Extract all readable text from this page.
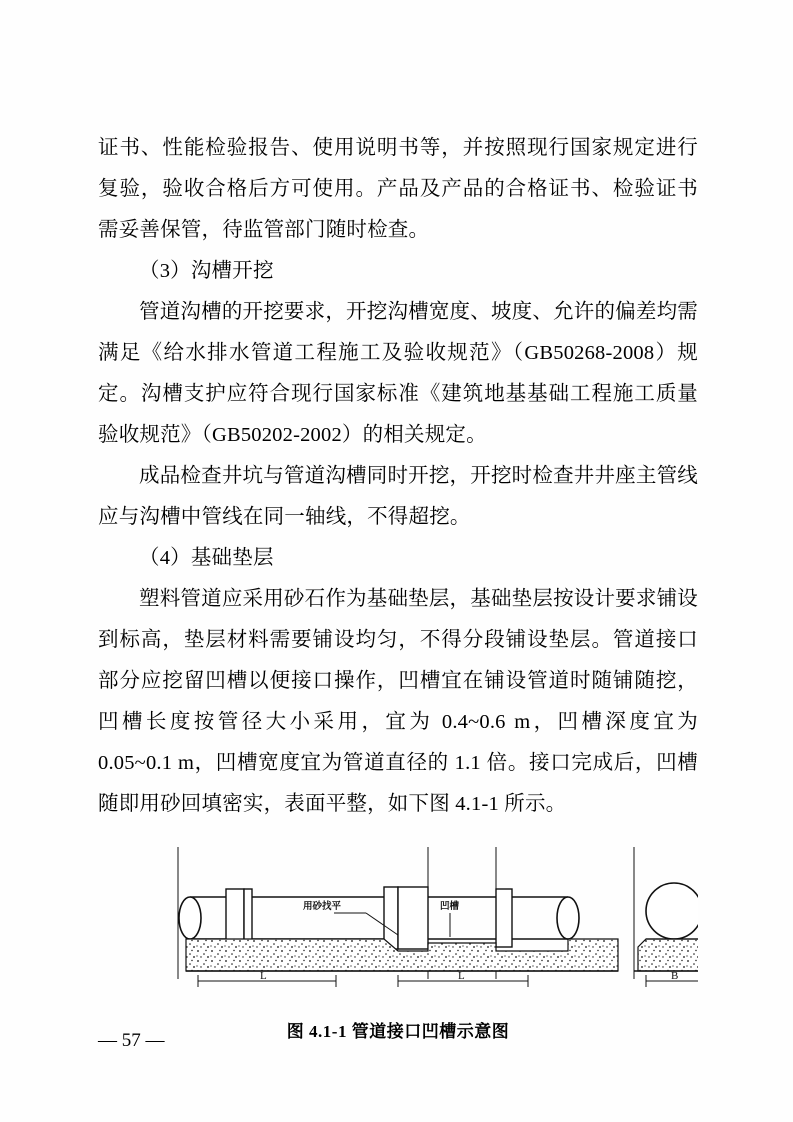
证书、性能检验报告、使用说明书等，并按照现行国家规定进行复验，验收合格后方可使用。产品及产品的合格证书、检验证书需妥善保管，待监管部门随时检查。

（3）沟槽开挖

管道沟槽的开挖要求，开挖沟槽宽度、坡度、允许的偏差均需满足《给水排水管道工程施工及验收规范》（GB50268-2008）规定。沟槽支护应符合现行国家标准《建筑地基基础工程施工质量验收规范》（GB50202-2002）的相关规定。

成品检查井坑与管道沟槽同时开挖，开挖时检查井井座主管线应与沟槽中管线在同一轴线，不得超挖。

（4）基础垫层

塑料管道应采用砂石作为基础垫层，基础垫层按设计要求铺设到标高，垫层材料需要铺设均匀，不得分段铺设垫层。管道接口部分应挖留凹槽以便接口操作，凹槽宜在铺设管道时随铺随挖，凹槽长度按管径大小采用，宜为 0.4~0.6 m，凹槽深度宜为 0.05~0.1 m，凹槽宽度宜为管道直径的 1.1 倍。接口完成后，凹槽随即用砂回填密实，表面平整，如下图 4.1-1 所示。

用砂找平	凹槽
L	L	B
图 4.1-1 管道接口凹槽示意图
— 57 —
